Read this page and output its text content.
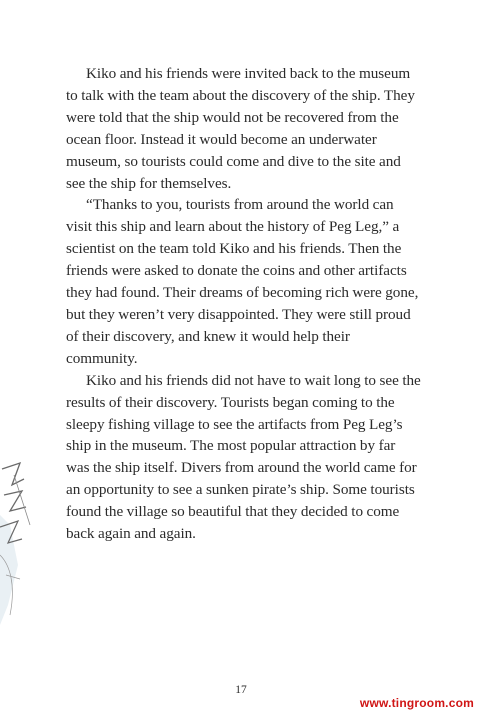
Kiko and his friends were invited back to the museum to talk with the team about the discovery of the ship. They were told that the ship would not be recovered from the ocean floor. Instead it would become an underwater museum, so tourists could come and dive to the site and see the ship for themselves.

“Thanks to you, tourists from around the world can visit this ship and learn about the history of Peg Leg,” a scientist on the team told Kiko and his friends. Then the friends were asked to donate the coins and other artifacts they had found. Their dreams of becoming rich were gone, but they weren’t very disappointed. They were still proud of their discovery, and knew it would help their community.

Kiko and his friends did not have to wait long to see the results of their discovery. Tourists began coming to the sleepy fishing village to see the artifacts from Peg Leg’s ship in the museum. The most popular attraction by far was the ship itself. Divers from around the world came for an opportunity to see a sunken pirate’s ship. Some tourists found the village so beautiful that they decided to come back again and again.

17
www.tingroom.com
